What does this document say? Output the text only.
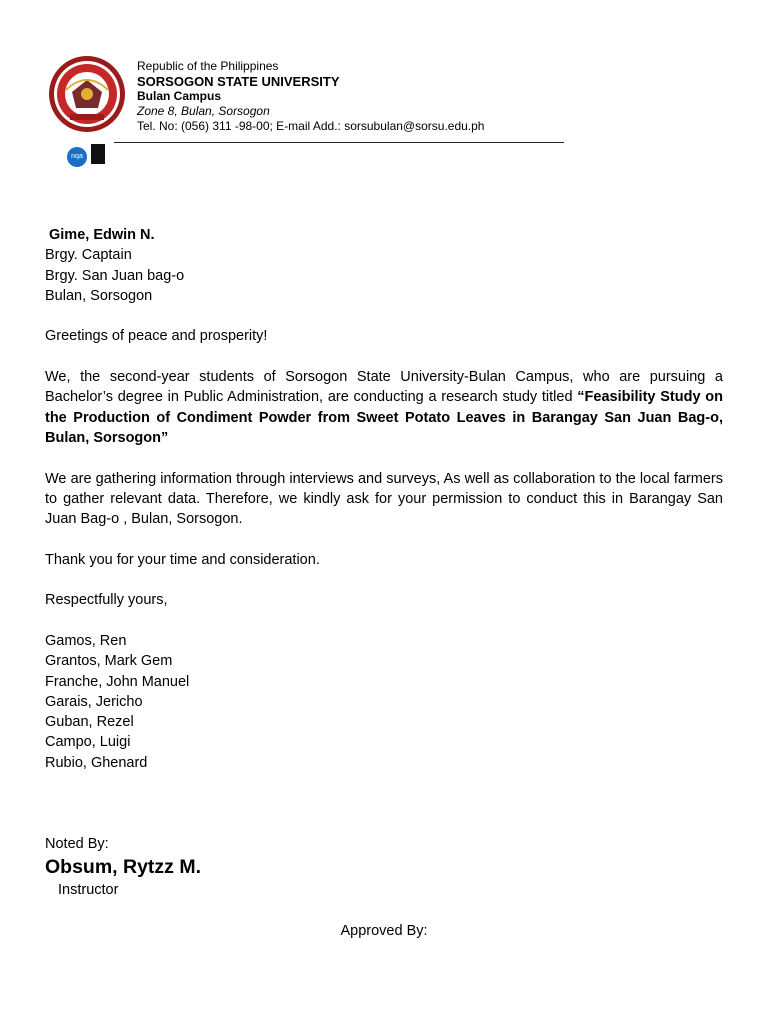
Republic of the Philippines
SORSOGON STATE UNIVERSITY
Bulan Campus
Zone 8, Bulan, Sorsogon
Tel. No: (056) 311 -98-00; E-mail Add.: sorsubulan@sorsu.edu.ph
nqa

Gime, Edwin N.

Brgy. Captain

Brgy. San Juan bag-o

Bulan, Sorsogon

Greetings of peace and prosperity!

We, the second-year students of Sorsogon State University-Bulan Campus, who are pursuing a Bachelor’s degree in Public Administration, are conducting a research study titled “Feasibility Study on the Production of Condiment Powder from Sweet Potato Leaves in Barangay San Juan Bag-o, Bulan, Sorsogon”

We are gathering information through interviews and surveys, As well as collaboration to the local farmers to gather relevant data. Therefore, we kindly ask for your permission to conduct this in Barangay San Juan Bag-o , Bulan, Sorsogon.

Thank you for your time and consideration.

Respectfully yours,

Gamos, Ren

Grantos, Mark Gem

Franche, John Manuel

Garais, Jericho

Guban, Rezel

Campo, Luigi

Rubio, Ghenard

Noted By:
Obsum, Rytzz M.
Instructor
Approved By:
